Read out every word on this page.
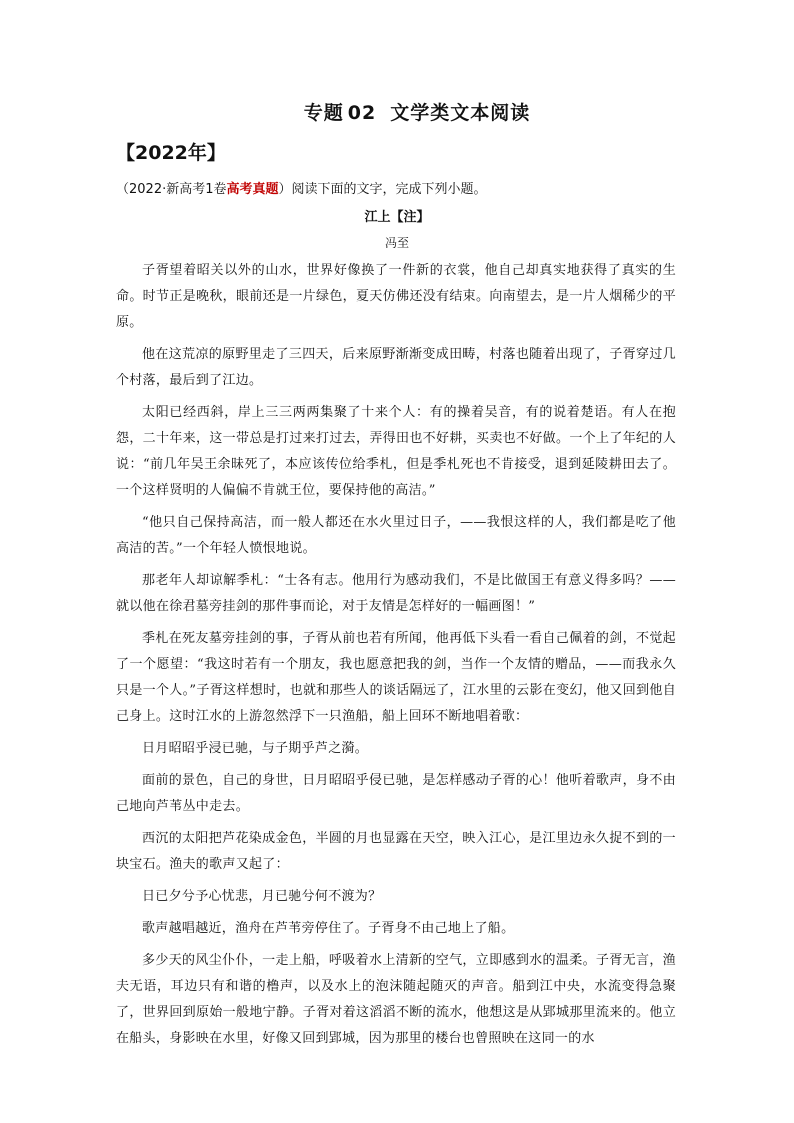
专题 02 文学类文本阅读
【2022年】
（2022·新高考1卷高考真题）阅读下面的文字，完成下列小题。
江上【注】
冯至

子胥望着昭关以外的山水，世界好像换了一件新的衣裳，他自己却真实地获得了真实的生命。时节正是晚秋，眼前还是一片绿色，夏天仿佛还没有结束。向南望去，是一片人烟稀少的平原。

他在这荒凉的原野里走了三四天，后来原野渐渐变成田畴，村落也随着出现了，子胥穿过几个村落，最后到了江边。

太阳已经西斜，岸上三三两两集聚了十来个人：有的操着吴音，有的说着楚语。有人在抱怨，二十年来，这一带总是打过来打过去，弄得田也不好耕，买卖也不好做。一个上了年纪的人说：“前几年吴王余昧死了，本应该传位给季札，但是季札死也不肯接受，退到延陵耕田去了。一个这样贤明的人偏偏不肯就王位，要保持他的高洁。”

“他只自己保持高洁，而一般人都还在水火里过日子，——我恨这样的人，我们都是吃了他高洁的苦。”一个年轻人愤恨地说。

那老年人却谅解季札：“士各有志。他用行为感动我们，不是比做国王有意义得多吗？——就以他在徐君墓旁挂剑的那件事而论，对于友情是怎样好的一幅画图！”

季札在死友墓旁挂剑的事，子胥从前也若有所闻，他再低下头看一看自己佩着的剑，不觉起了一个愿望：“我这时若有一个朋友，我也愿意把我的剑，当作一个友情的赠品，——而我永久只是一个人。”子胥这样想时，也就和那些人的谈话隔远了，江水里的云影在变幻，他又回到他自己身上。这时江水的上游忽然浮下一只渔船，船上回环不断地唱着歌：

日月昭昭乎浸已驰，与子期乎芦之漪。

面前的景色，自己的身世，日月昭昭乎侵已驰，是怎样感动子胥的心！他听着歌声，身不由己地向芦苇丛中走去。

西沉的太阳把芦花染成金色，半圆的月也显露在天空，映入江心，是江里边永久捉不到的一块宝石。渔夫的歌声又起了：

日已夕兮予心忧悲，月已驰兮何不渡为？

歌声越唱越近，渔舟在芦苇旁停住了。子胥身不由己地上了船。

多少天的风尘仆仆，一走上船，呼吸着水上清新的空气，立即感到水的温柔。子胥无言，渔夫无语，耳边只有和谐的橹声，以及水上的泡沫随起随灭的声音。船到江中央，水流变得急聚了，世界回到原始一般地宁静。子胥对着这滔滔不断的流水，他想这是从郢城那里流来的。他立在船头，身影映在水里，好像又回到郢城，因为那里的楼台也曾照映在这同一的水
